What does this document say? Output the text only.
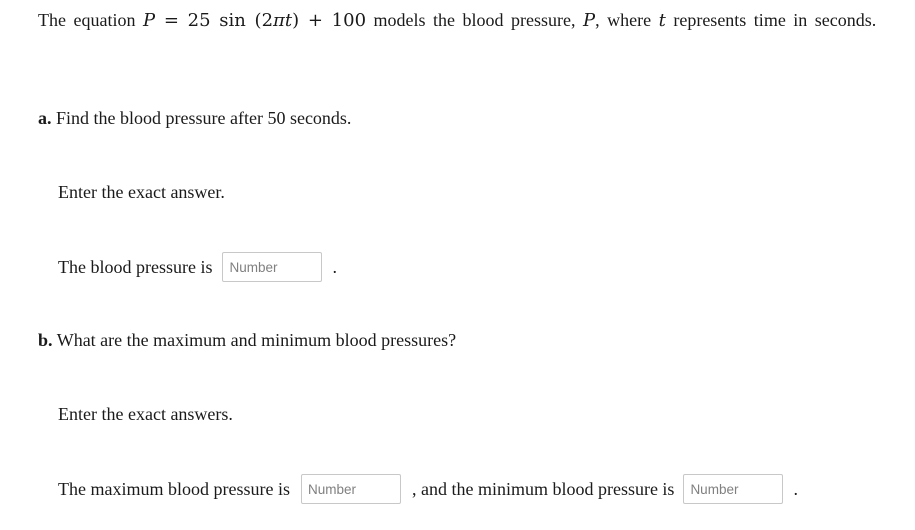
The equation P = 25 sin (2πt) + 100 models the blood pressure, P, where t represents time in seconds.
a. Find the blood pressure after 50 seconds.
Enter the exact answer.
The blood pressure is
Number	.
b. What are the maximum and minimum blood pressures?
Enter the exact answers.
The maximum blood pressure is
Number	, and the minimum blood pressure is
Number	.
